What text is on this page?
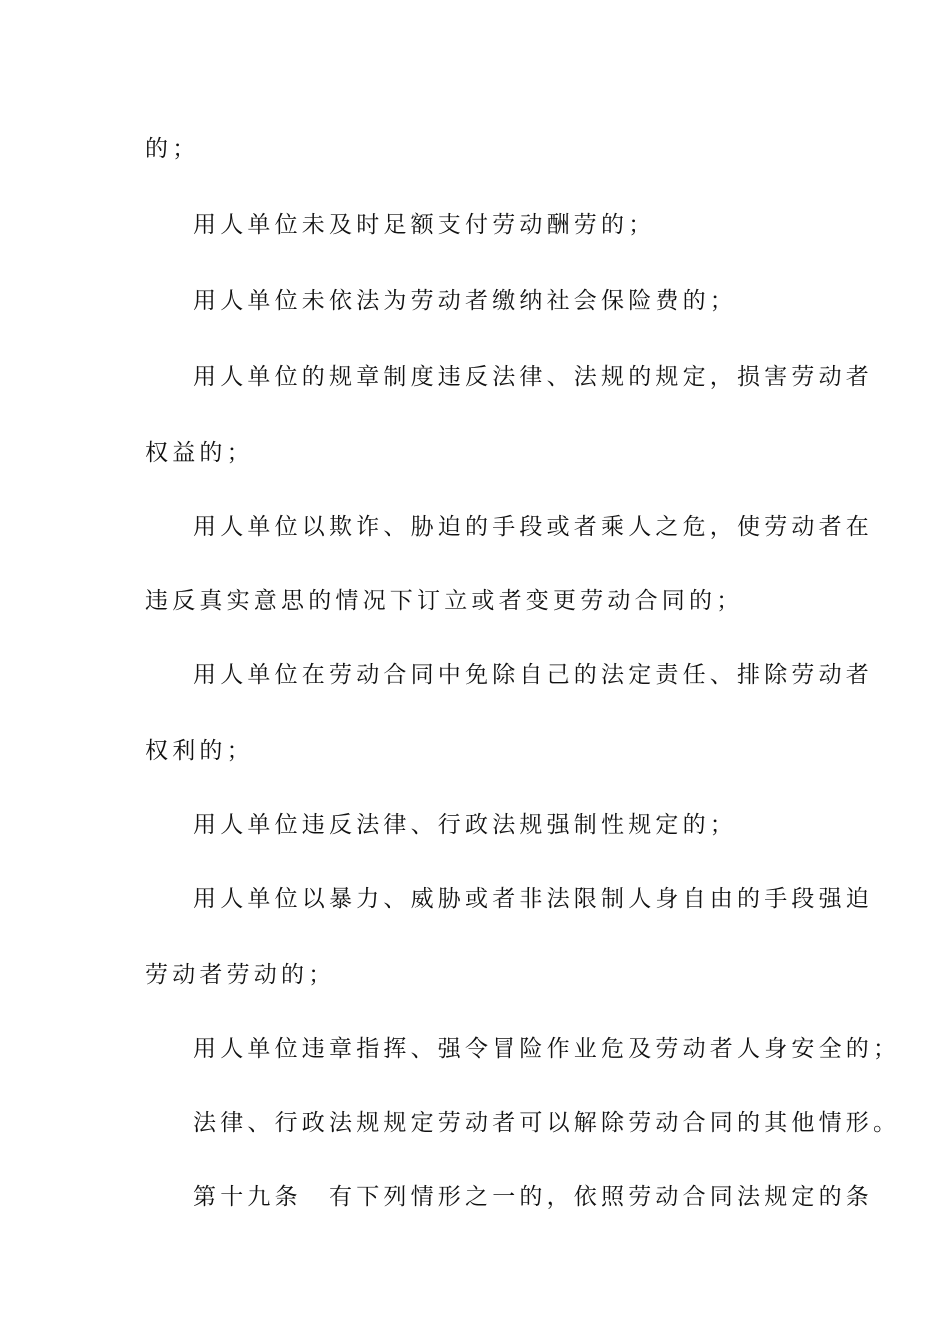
的；
用人单位未及时足额支付劳动酬劳的；
用人单位未依法为劳动者缴纳社会保险费的；
用人单位的规章制度违反法律、法规的规定，损害劳动者
权益的；
用人单位以欺诈、胁迫的手段或者乘人之危，使劳动者在
违反真实意思的情况下订立或者变更劳动合同的；
用人单位在劳动合同中免除自己的法定责任、排除劳动者
权利的；
用人单位违反法律、行政法规强制性规定的；
用人单位以暴力、威胁或者非法限制人身自由的手段强迫
劳动者劳动的；
用人单位违章指挥、强令冒险作业危及劳动者人身安全的；
法律、行政法规规定劳动者可以解除劳动合同的其他情形。
第十九条　有下列情形之一的，依照劳动合同法规定的条
